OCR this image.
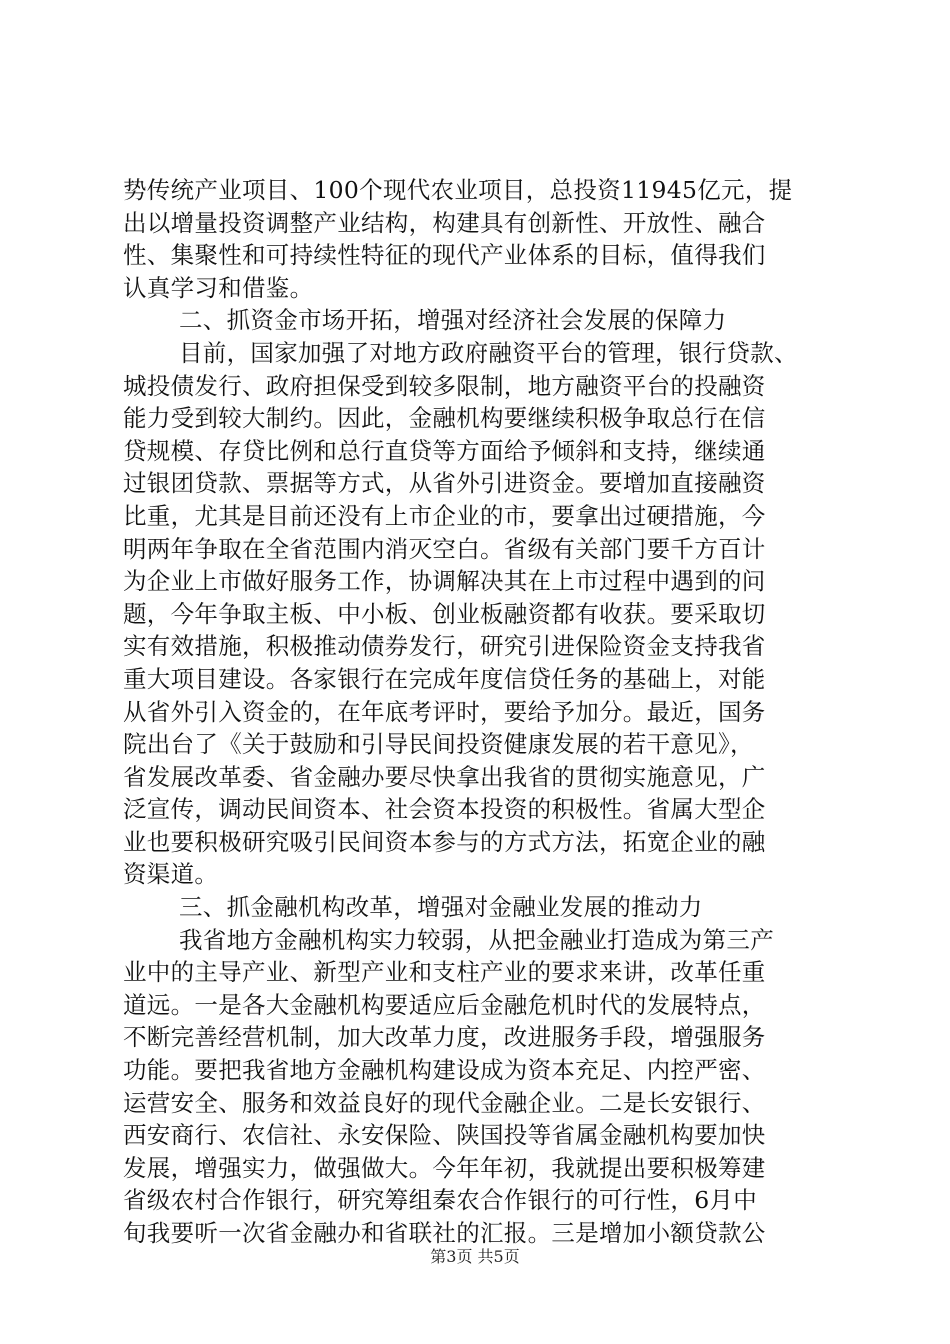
势传统产业项目、100个现代农业项目，总投资11945亿元，提
出以增量投资调整产业结构，构建具有创新性、开放性、融合
性、集聚性和可持续性特征的现代产业体系的目标，值得我们
认真学习和借鉴。
二、抓资金市场开拓，增强对经济社会发展的保障力
目前，国家加强了对地方政府融资平台的管理，银行贷款、
城投债发行、政府担保受到较多限制，地方融资平台的投融资
能力受到较大制约。因此，金融机构要继续积极争取总行在信
贷规模、存贷比例和总行直贷等方面给予倾斜和支持，继续通
过银团贷款、票据等方式，从省外引进资金。要增加直接融资
比重，尤其是目前还没有上市企业的市，要拿出过硬措施，今
明两年争取在全省范围内消灭空白。省级有关部门要千方百计
为企业上市做好服务工作，协调解决其在上市过程中遇到的问
题，今年争取主板、中小板、创业板融资都有收获。要采取切
实有效措施，积极推动债券发行，研究引进保险资金支持我省
重大项目建设。各家银行在完成年度信贷任务的基础上，对能
从省外引入资金的，在年底考评时，要给予加分。最近，国务
院出台了《关于鼓励和引导民间投资健康发展的若干意见》，
省发展改革委、省金融办要尽快拿出我省的贯彻实施意见，广
泛宣传，调动民间资本、社会资本投资的积极性。省属大型企
业也要积极研究吸引民间资本参与的方式方法，拓宽企业的融
资渠道。
三、抓金融机构改革，增强对金融业发展的推动力
我省地方金融机构实力较弱，从把金融业打造成为第三产
业中的主导产业、新型产业和支柱产业的要求来讲，改革任重
道远。一是各大金融机构要适应后金融危机时代的发展特点，
不断完善经营机制，加大改革力度，改进服务手段，增强服务
功能。要把我省地方金融机构建设成为资本充足、内控严密、
运营安全、服务和效益良好的现代金融企业。二是长安银行、
西安商行、农信社、永安保险、陕国投等省属金融机构要加快
发展，增强实力，做强做大。今年年初，我就提出要积极筹建
省级农村合作银行，研究筹组秦农合作银行的可行性，6月中
旬我要听一次省金融办和省联社的汇报。三是增加小额贷款公
第3页 共5页
